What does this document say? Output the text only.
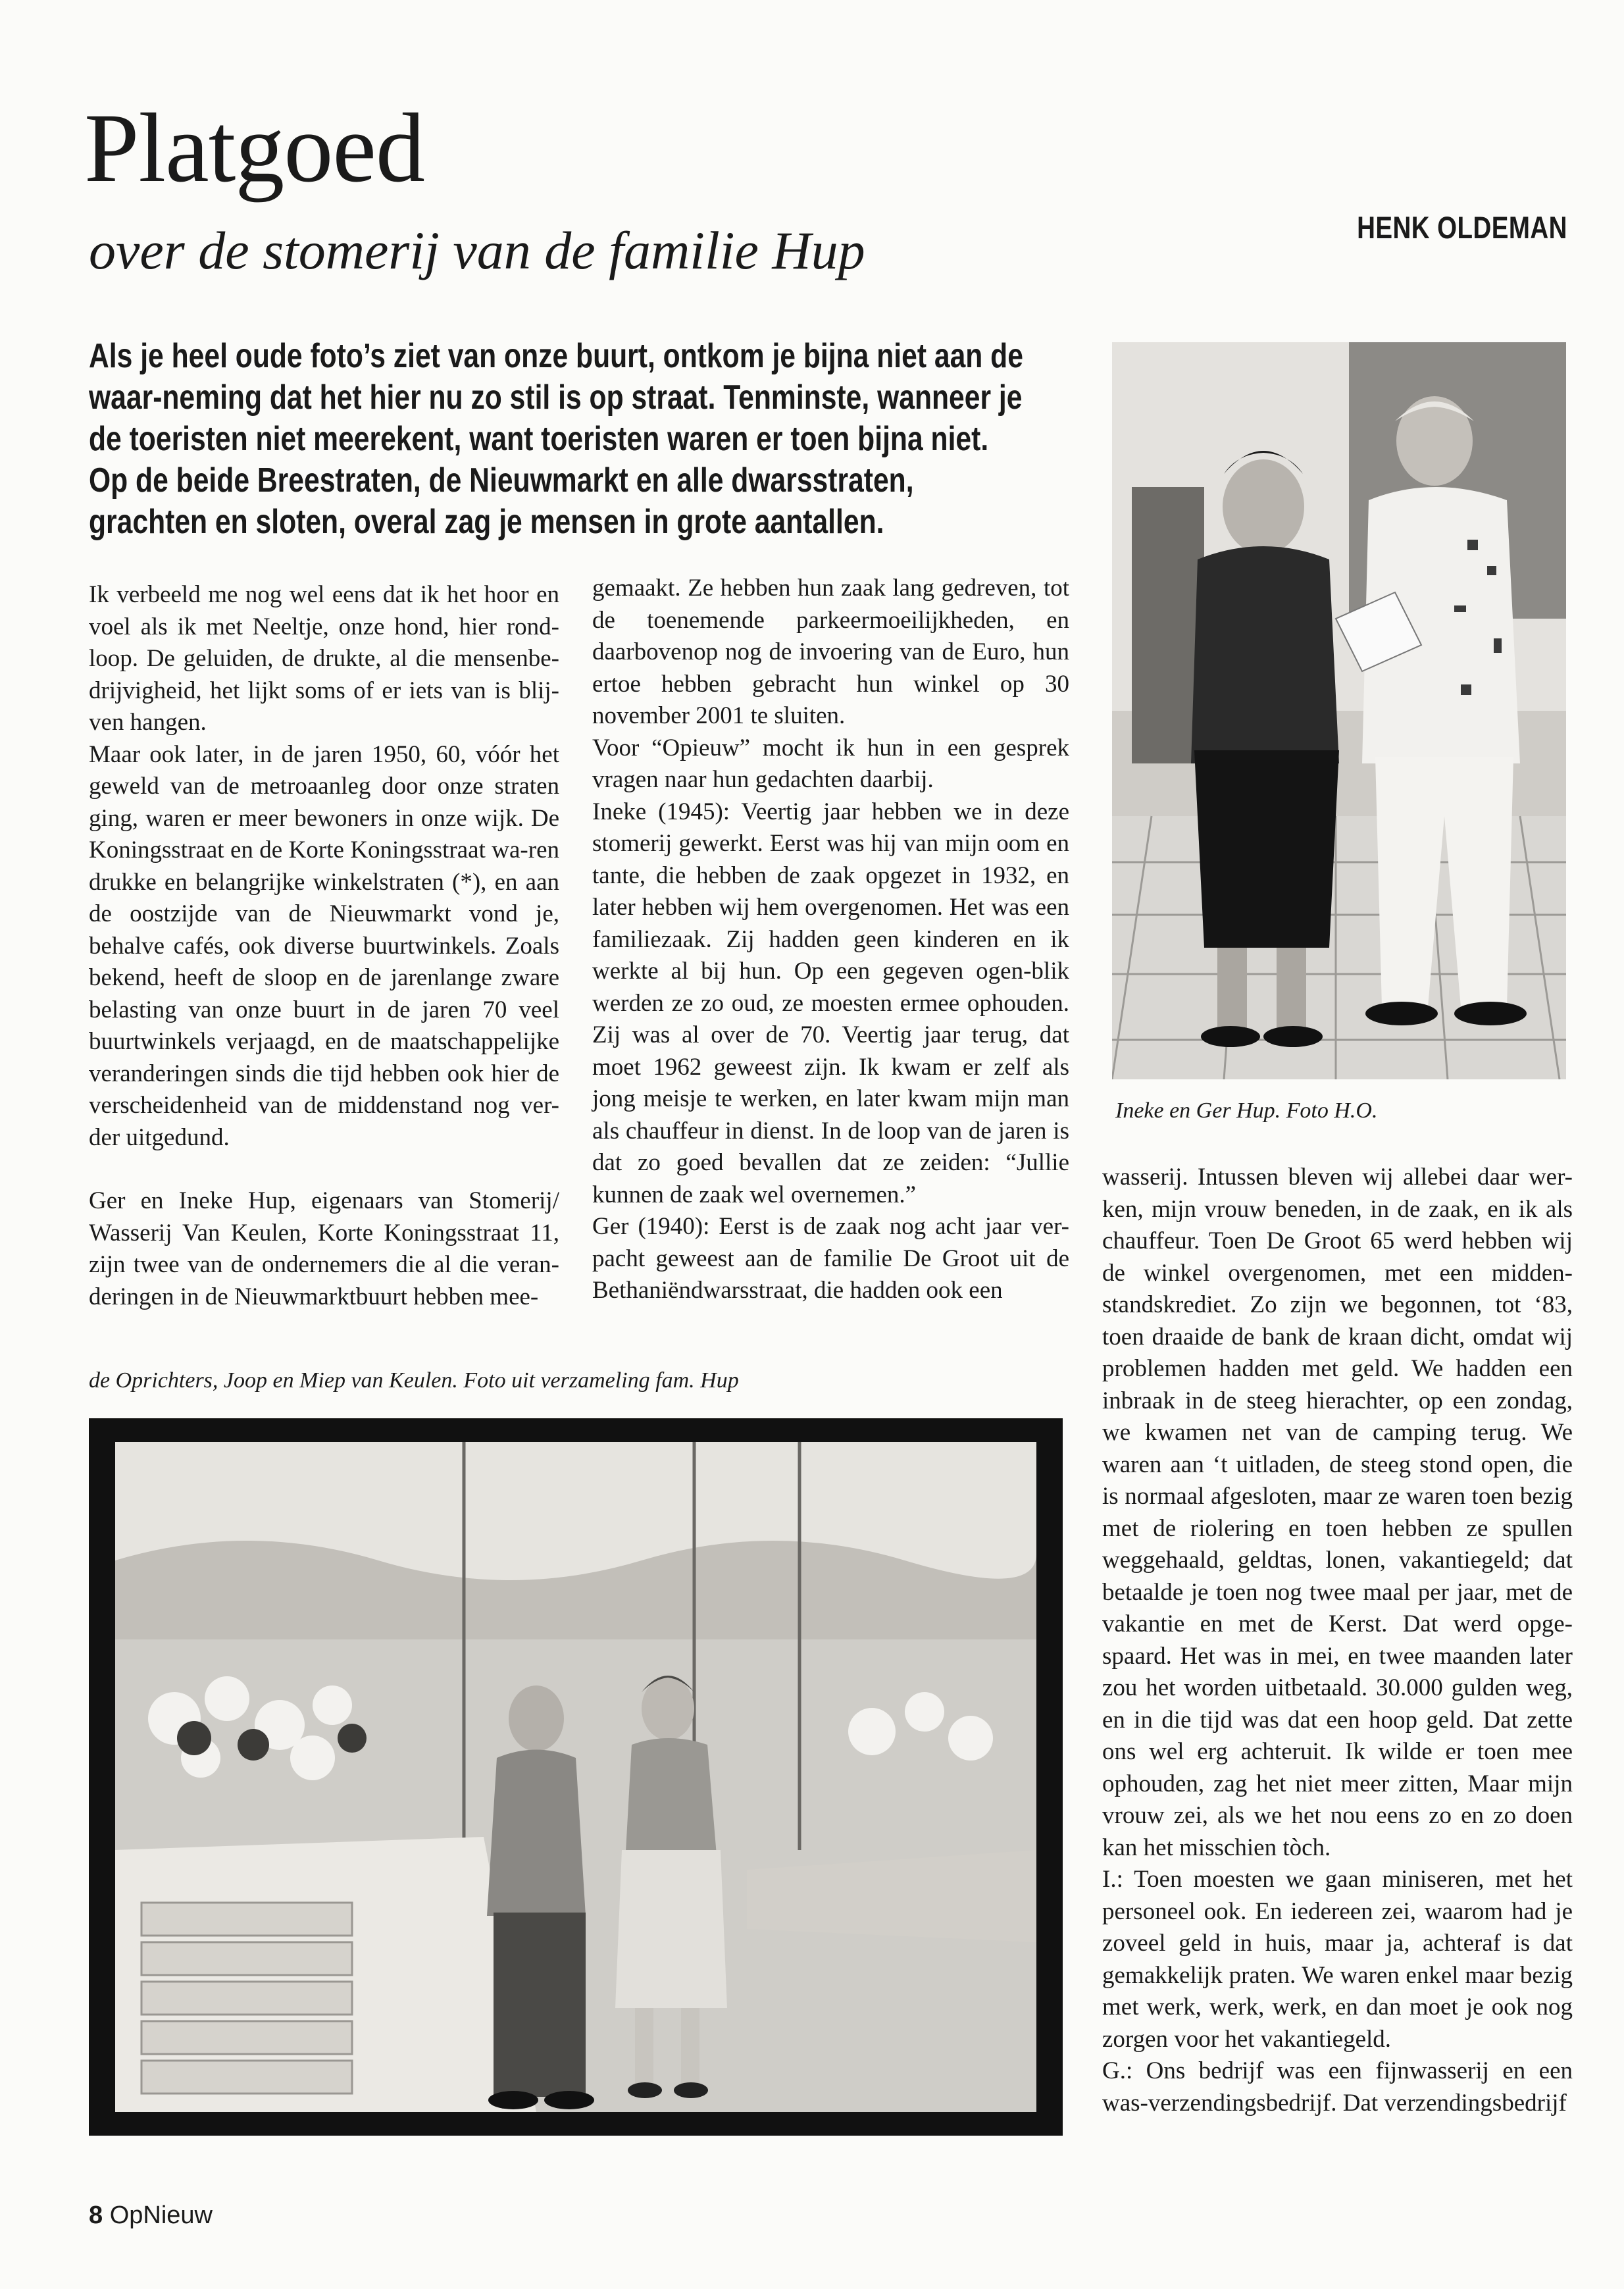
Platgoed
over de stomerij van de familie Hup	HENK OLDEMAN

Als je heel oude foto’s ziet van onze buurt, ontkom je bijna niet aan de waar-neming dat het hier nu zo stil is op straat. Tenminste, wanneer je de toeristen niet meerekent, want toeristen waren er toen bijna niet.

Op de beide Breestraten, de Nieuwmarkt en alle dwarsstraten, grachten en sloten, overal zag je mensen in grote aantallen.

Ik verbeeld me nog wel eens dat ik het hoor en voel als ik met Neeltje, onze hond, hier rond-loop. De geluiden, de drukte, al die mensenbe-drijvigheid, het lijkt soms of er iets van is blij-ven hangen.

Maar ook later, in de jaren 1950, 60, vóór het geweld van de metroaanleg door onze straten ging, waren er meer bewoners in onze wijk. De Koningsstraat en de Korte Koningsstraat wa-ren drukke en belangrijke winkelstraten (*), en aan de oostzijde van de Nieuwmarkt vond je, behalve cafés, ook diverse buurtwinkels. Zoals bekend, heeft de sloop en de jarenlange zware belasting van onze buurt in de jaren 70 veel buurtwinkels verjaagd, en de maatschappelijke veranderingen sinds die tijd hebben ook hier de verscheidenheid van de middenstand nog ver-der uitgedund.

Ger en Ineke Hup, eigenaars van Stomerij/ Wasserij Van Keulen, Korte Koningsstraat 11, zijn twee van de ondernemers die al die veran-deringen in de Nieuwmarktbuurt hebben mee-

gemaakt. Ze hebben hun zaak lang gedreven, tot de toenemende parkeermoeilijkheden, en daarbovenop nog de invoering van de Euro, hun ertoe hebben gebracht hun winkel op 30 november 2001 te sluiten.

Voor “Opieuw” mocht ik hun in een gesprek vragen naar hun gedachten daarbij.

Ineke (1945): Veertig jaar hebben we in deze stomerij gewerkt. Eerst was hij van mijn oom en tante, die hebben de zaak opgezet in 1932, en later hebben wij hem overgenomen. Het was een familiezaak. Zij hadden geen kinderen en ik werkte al bij hun. Op een gegeven ogen-blik werden ze zo oud, ze moesten ermee ophouden. Zij was al over de 70. Veertig jaar terug, dat moet 1962 geweest zijn. Ik kwam er zelf als jong meisje te werken, en later kwam mijn man als chauffeur in dienst. In de loop van de jaren is dat zo goed bevallen dat ze zeiden: “Jullie kunnen de zaak wel overnemen.”

Ger (1940): Eerst is de zaak nog acht jaar ver-pacht geweest aan de familie De Groot uit de Bethaniëndwarsstraat, die hadden ook een

wasserij. Intussen bleven wij allebei daar wer-ken, mijn vrouw beneden, in de zaak, en ik als chauffeur. Toen De Groot 65 werd hebben wij de winkel overgenomen, met een midden-standskrediet. Zo zijn we begonnen, tot ‘83, toen draaide de bank de kraan dicht, omdat wij problemen hadden met geld. We hadden een inbraak in de steeg hierachter, op een zondag, we kwamen net van de camping terug. We waren aan ‘t uitladen, de steeg stond open, die is normaal afgesloten, maar ze waren toen bezig met de riolering en toen hebben ze spullen weggehaald, geldtas, lonen, vakantiegeld; dat betaalde je toen nog twee maal per jaar, met de vakantie en met de Kerst. Dat werd opge-spaard. Het was in mei, en twee maanden later zou het worden uitbetaald. 30.000 gulden weg, en in die tijd was dat een hoop geld. Dat zette ons wel erg achteruit. Ik wilde er toen mee ophouden, zag het niet meer zitten, Maar mijn vrouw zei, als we het nou eens zo en zo doen kan het misschien tòch.

I.: Toen moesten we gaan miniseren, met het personeel ook. En iedereen zei, waarom had je zoveel geld in huis, maar ja, achteraf is dat gemakkelijk praten. We waren enkel maar bezig met werk, werk, werk, en dan moet je ook nog zorgen voor het vakantiegeld.

G.: Ons bedrijf was een fijnwasserij en een was-verzendingsbedrijf. Dat verzendingsbedrijf

Ineke en Ger Hup. Foto H.O.
de Oprichters, Joop en Miep van Keulen. Foto uit verzameling fam. Hup
8 OpNieuw
